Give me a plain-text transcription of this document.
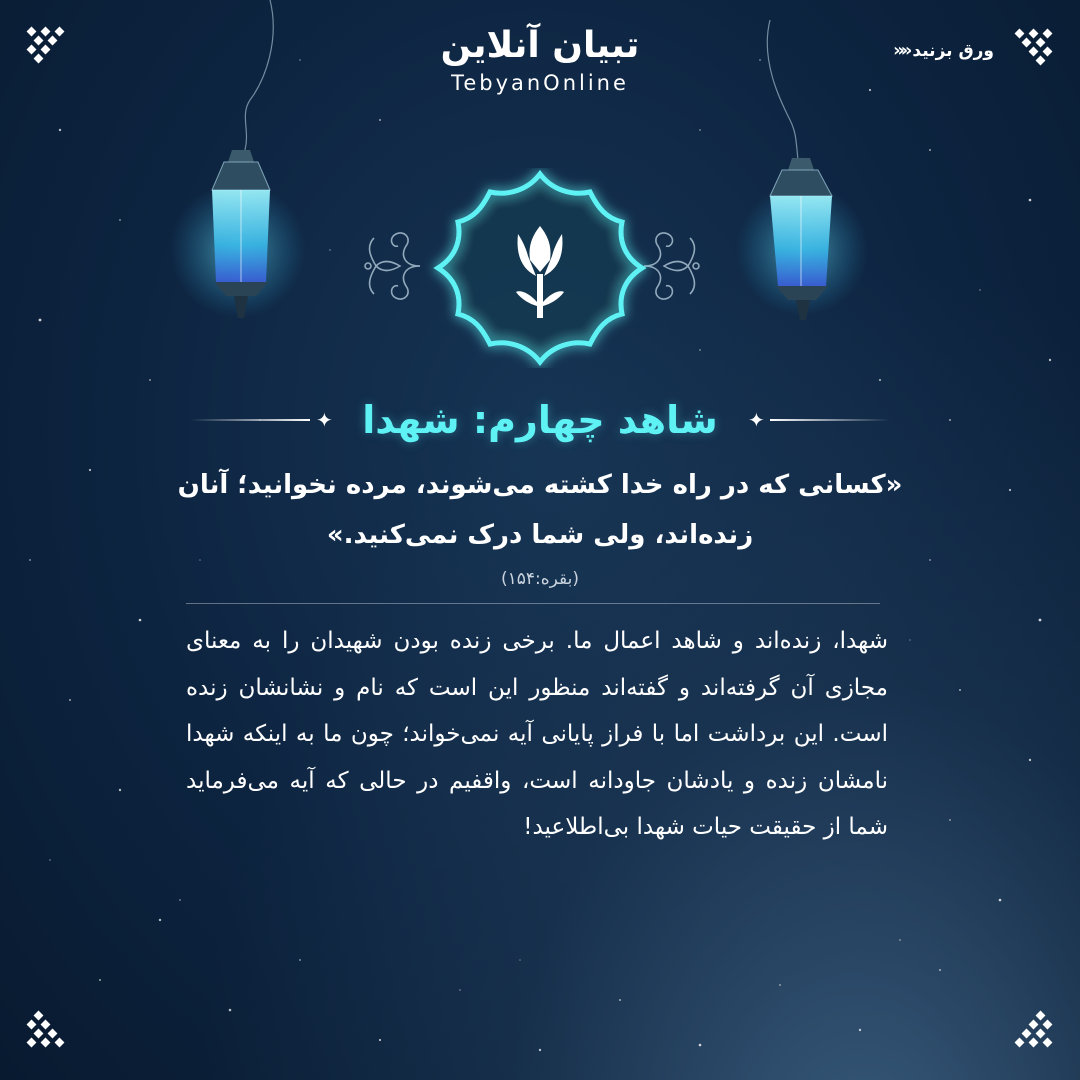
»» ورق بزنید
تبیان آنلاین
TebyanOnline
✦ شاهد چهارم: شهدا	✦
«کسانی که در راه خدا کشته می‌شوند، مرده نخوانید؛ آنان زنده‌اند، ولی شما درک نمی‌کنید.»
(بقره:۱۵۴)
شهدا، زنده‌اند و شاهد اعمال ما. برخی زنده بودن شهیدان را به معنای مجازی آن گرفته‌اند و گفته‌اند منظور این است که نام و نشانشان زنده است. این برداشت اما با فراز پایانی آیه نمی‌خواند؛ چون ما به اینکه شهدا نامشان زنده و یادشان جاودانه است، واقفیم در حالی که آیه می‌فرماید شما از حقیقت حیات شهدا بی‌اطلاعید!
